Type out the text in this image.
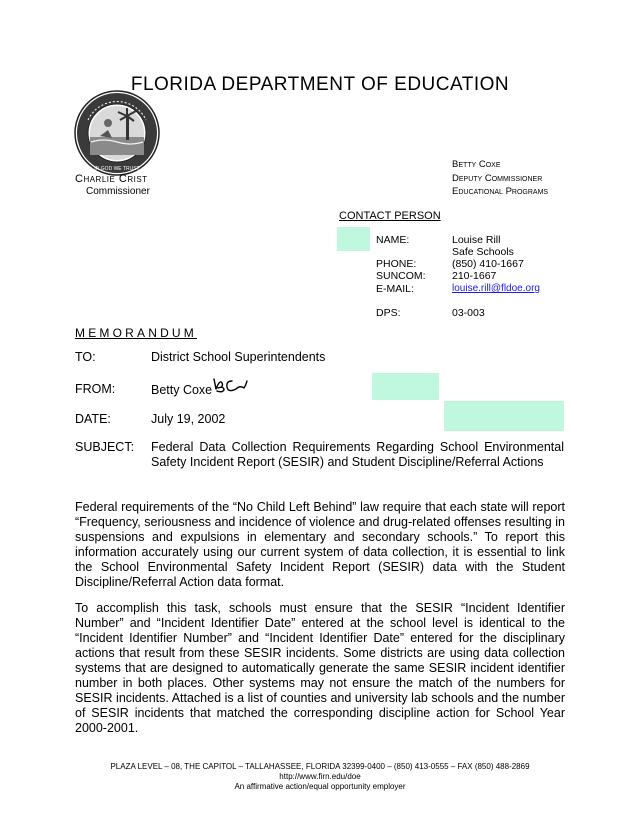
FLORIDA DEPARTMENT OF EDUCATION
IN GOD WE TRUST
Charlie Crist
Commissioner
Betty Coxe
Deputy Commissioner
Educational Programs
CONTACT PERSON
NAME:	Louise Rill
Safe Schools
PHONE:	(850) 410-1667
SUNCOM:	210-1667
E-MAIL:	louise.rill@fldoe.org
DPS:	03-003
MEMORANDUM
TO:	District School Superintendents
FROM:	Betty Coxe
DATE:	July 19, 2002
SUBJECT: Federal Data Collection Requirements Regarding School Environmental Safety Incident Report (SESIR) and Student Discipline/Referral Actions
Federal requirements of the “No Child Left Behind” law require that each state will report “Frequency, seriousness and incidence of violence and drug-related offenses resulting in suspensions and expulsions in elementary and secondary schools.” To report this information accurately using our current system of data collection, it is essential to link the School Environmental Safety Incident Report (SESIR) data with the Student Discipline/Referral Action data format.
To accomplish this task, schools must ensure that the SESIR “Incident Identifier Number” and “Incident Identifier Date” entered at the school level is identical to the “Incident Identifier Number” and “Incident Identifier Date” entered for the disciplinary actions that result from these SESIR incidents. Some districts are using data collection systems that are designed to automatically generate the same SESIR incident identifier number in both places. Other systems may not ensure the match of the numbers for SESIR incidents. Attached is a list of counties and university lab schools and the number of SESIR incidents that matched the corresponding discipline action for School Year 2000-2001.
PLAZA LEVEL – 08, THE CAPITOL – TALLAHASSEE, FLORIDA 32399-0400 – (850) 413-0555 – FAX (850) 488-2869
http://www.firn.edu/doe
An affirmative action/equal opportunity employer
